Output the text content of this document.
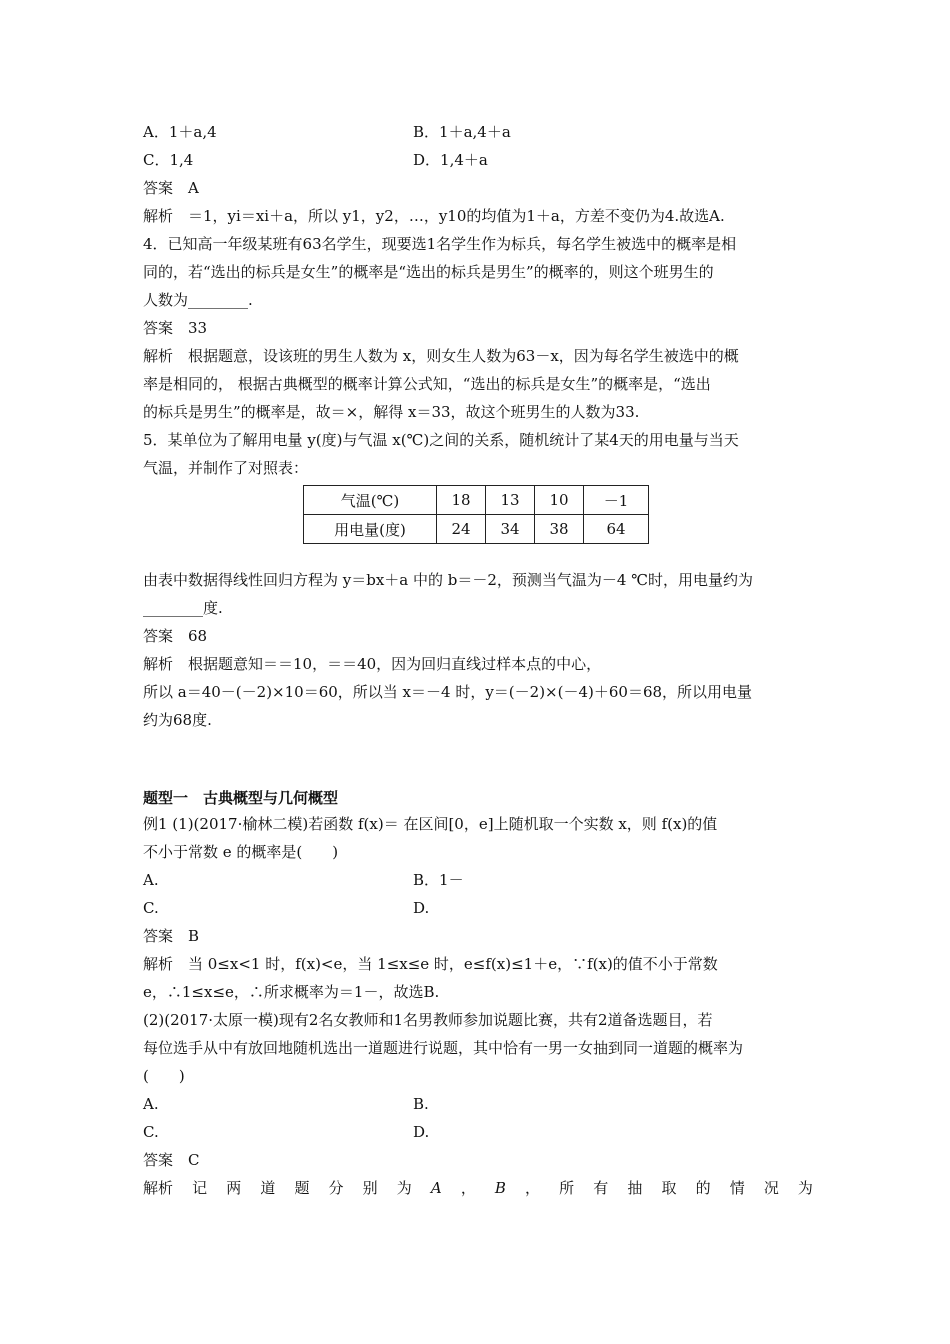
A．1＋a,4	B．1＋a,4＋a
C．1,4	D．1,4＋a
答案　A
解析　＝1，yi＝xi＋a，所以 y1，y2，…，y10的均值为1＋a，方差不变仍为4.故选A.
4．已知高一年级某班有63名学生，现要选1名学生作为标兵，每名学生被选中的概率是相
同的，若“选出的标兵是女生”的概率是“选出的标兵是男生”的概率的，则这个班男生的
人数为________.
答案　33
解析　根据题意，设该班的男生人数为 x，则女生人数为63－x，因为每名学生被选中的概
率是相同的， 根据古典概型的概率计算公式知，“选出的标兵是女生”的概率是，“选出
的标兵是男生”的概率是，故＝×，解得 x＝33，故这个班男生的人数为33.
5．某单位为了解用电量 y(度)与气温 x(℃)之间的关系，随机统计了某4天的用电量与当天
气温，并制作了对照表：
气温(℃)	18	13	10	－1
用电量(度)	24	34	38	64
由表中数据得线性回归方程为 y＝bx＋a 中的 b＝－2，预测当气温为－4 ℃时，用电量约为
________度.
答案　68
解析　根据题意知＝＝10，＝＝40，因为回归直线过样本点的中心，
所以 a＝40－(－2)×10＝60，所以当 x＝－4 时，y＝(－2)×(－4)＋60＝68，所以用电量
约为68度.
题型一　古典概型与几何概型
例1 (1)(2017·榆林二模)若函数 f(x)＝ 在区间[0，e]上随机取一个实数 x，则 f(x)的值
不小于常数 e 的概率是(　　)
A.	B．1－
C.	D.
答案　B
解析　当 0≤x<1 时，f(x)<e，当 1≤x≤e 时，e≤f(x)≤1＋e，∵f(x)的值不小于常数
e，∴1≤x≤e，∴所求概率为＝1－，故选B.
(2)(2017·太原一模)现有2名女教师和1名男教师参加说题比赛，共有2道备选题目，若
每位选手从中有放回地随机选出一道题进行说题，其中恰有一男一女抽到同一道题的概率为
(　　)
A.	B.
C.	D.
答案　C
解析 记 两 道 题 分 别 为 A ， B ， 所 有 抽 取 的 情 况 为
